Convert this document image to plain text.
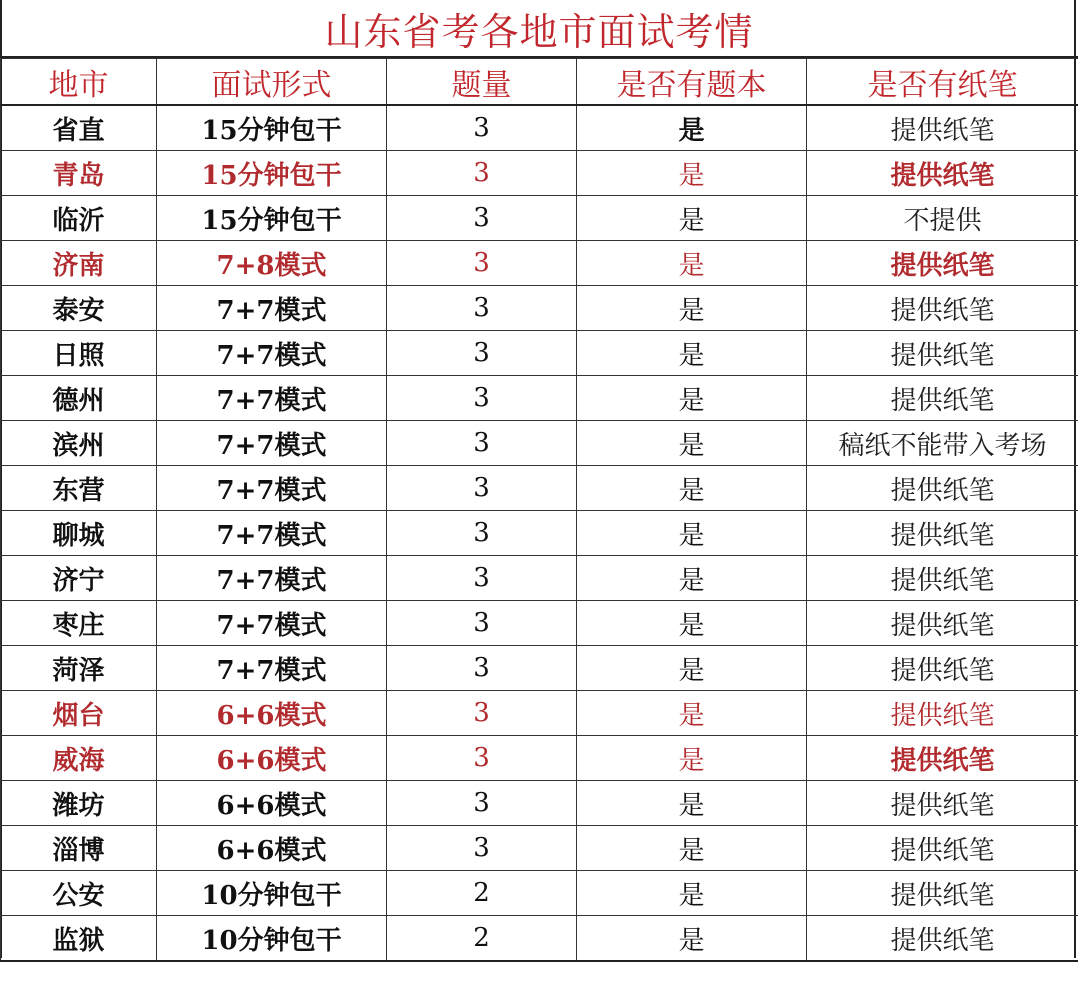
山东省考各地市面试考情
地市	面试形式	题量	是否有题本	是否有纸笔
省直	15分钟包干	3	是	提供纸笔
青岛	15分钟包干	3	是	提供纸笔
临沂	15分钟包干	3	是	不提供
济南	7+8模式	3	是	提供纸笔
泰安	7+7模式	3	是	提供纸笔
日照	7+7模式	3	是	提供纸笔
德州	7+7模式	3	是	提供纸笔
滨州	7+7模式	3	是	稿纸不能带入考场
东营	7+7模式	3	是	提供纸笔
聊城	7+7模式	3	是	提供纸笔
济宁	7+7模式	3	是	提供纸笔
枣庄	7+7模式	3	是	提供纸笔
菏泽	7+7模式	3	是	提供纸笔
烟台	6+6模式	3	是	提供纸笔
威海	6+6模式	3	是	提供纸笔
潍坊	6+6模式	3	是	提供纸笔
淄博	6+6模式	3	是	提供纸笔
公安	10分钟包干	2	是	提供纸笔
监狱	10分钟包干	2	是	提供纸笔
